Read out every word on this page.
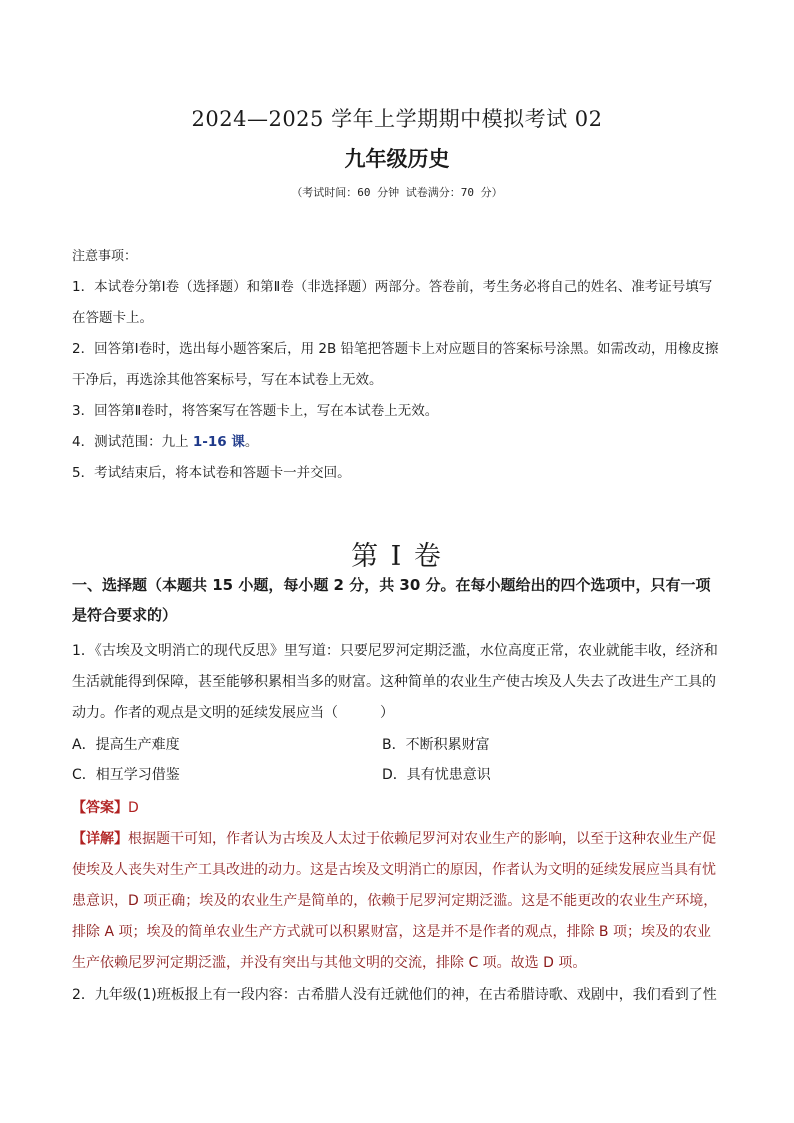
2024—2025 学年上学期期中模拟考试 02
九年级历史
（考试时间：60 分钟 试卷满分：70 分）
注意事项：
1．本试卷分第Ⅰ卷（选择题）和第Ⅱ卷（非选择题）两部分。答卷前，考生务必将自己的姓名、准考证号填写在答题卡上。
2．回答第Ⅰ卷时，选出每小题答案后，用 2B 铅笔把答题卡上对应题目的答案标号涂黑。如需改动，用橡皮擦干净后，再选涂其他答案标号，写在本试卷上无效。
3．回答第Ⅱ卷时，将答案写在答题卡上，写在本试卷上无效。
4．测试范围：九上 1-16 课。
5．考试结束后，将本试卷和答题卡一并交回。
第 I 卷
一、选择题（本题共 15 小题，每小题 2 分，共 30 分。在每小题给出的四个选项中，只有一项是符合要求的）
1．《古埃及文明消亡的现代反思》里写道：只要尼罗河定期泛滥，水位高度正常，农业就能丰收，经济和生活就能得到保障，甚至能够积累相当多的财富。这种简单的农业生产使古埃及人失去了改进生产工具的动力。作者的观点是文明的延续发展应当（　　　）
A．提高生产难度	B．不断积累财富
C．相互学习借鉴	D．具有忧患意识
【答案】D
【详解】根据题干可知，作者认为古埃及人太过于依赖尼罗河对农业生产的影响，以至于这种农业生产促使埃及人丧失对生产工具改进的动力。这是古埃及文明消亡的原因，作者认为文明的延续发展应当具有忧患意识，D 项正确；埃及的农业生产是简单的，依赖于尼罗河定期泛滥。这是不能更改的农业生产环境，排除 A 项；埃及的简单农业生产方式就可以积累财富，这是并不是作者的观点，排除 B 项；埃及的农业生产依赖尼罗河定期泛滥，并没有突出与其他文明的交流，排除 C 项。故选 D 项。
2．九年级(1)班板报上有一段内容：古希腊人没有迁就他们的神，在古希腊诗歌、戏剧中，我们看到了性
